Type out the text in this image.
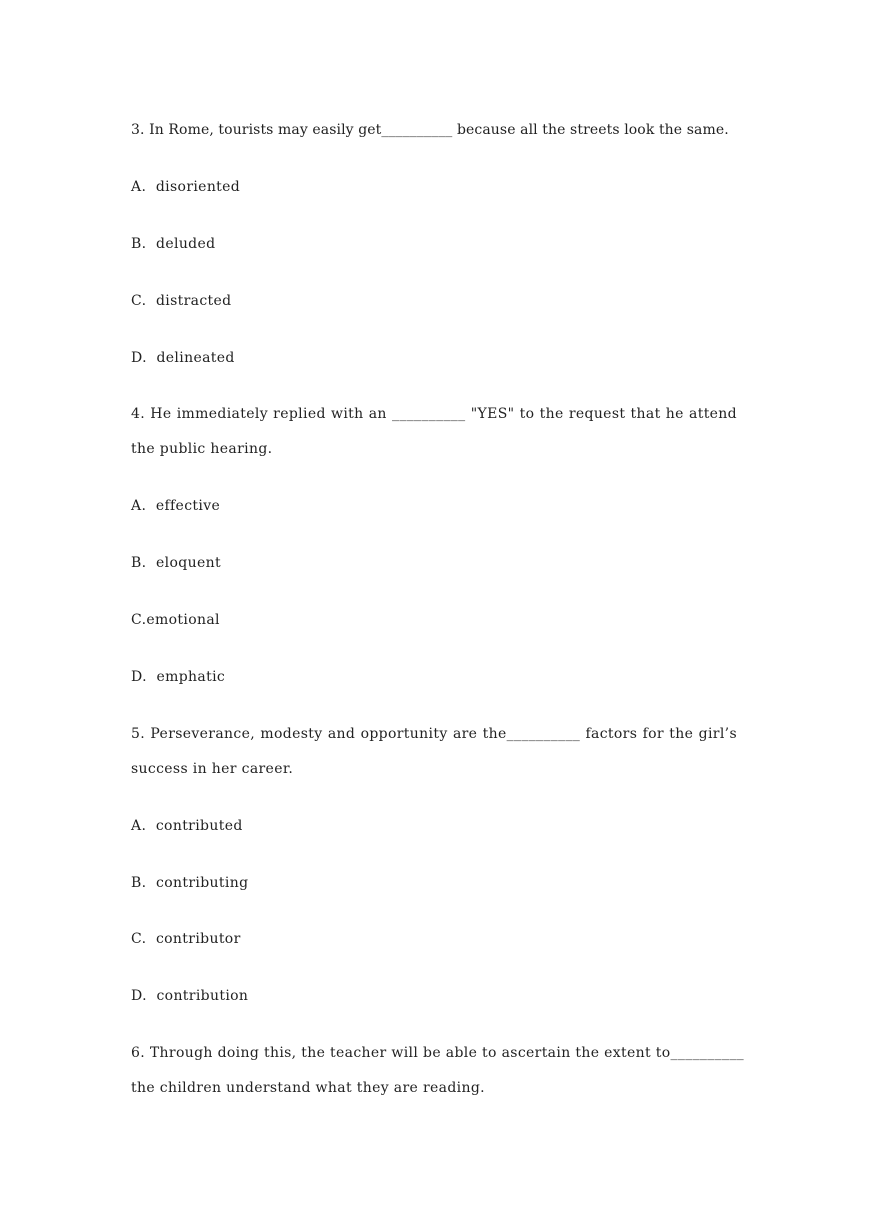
3. In Rome, tourists may easily get__________ because all the streets look the same.
A.  disoriented
B.  deluded
C.  distracted
D.  delineated
4. He immediately replied with an __________ "YES" to the request that he attend
the public hearing.
A.  effective
B.  eloquent
C.emotional
D.  emphatic
5. Perseverance, modesty and opportunity are the__________ factors for the girl’s
success in her career.
A.  contributed
B.  contributing
C.  contributor
D.  contribution
6. Through doing this, the teacher will be able to ascertain the extent to__________
the children understand what they are reading.
